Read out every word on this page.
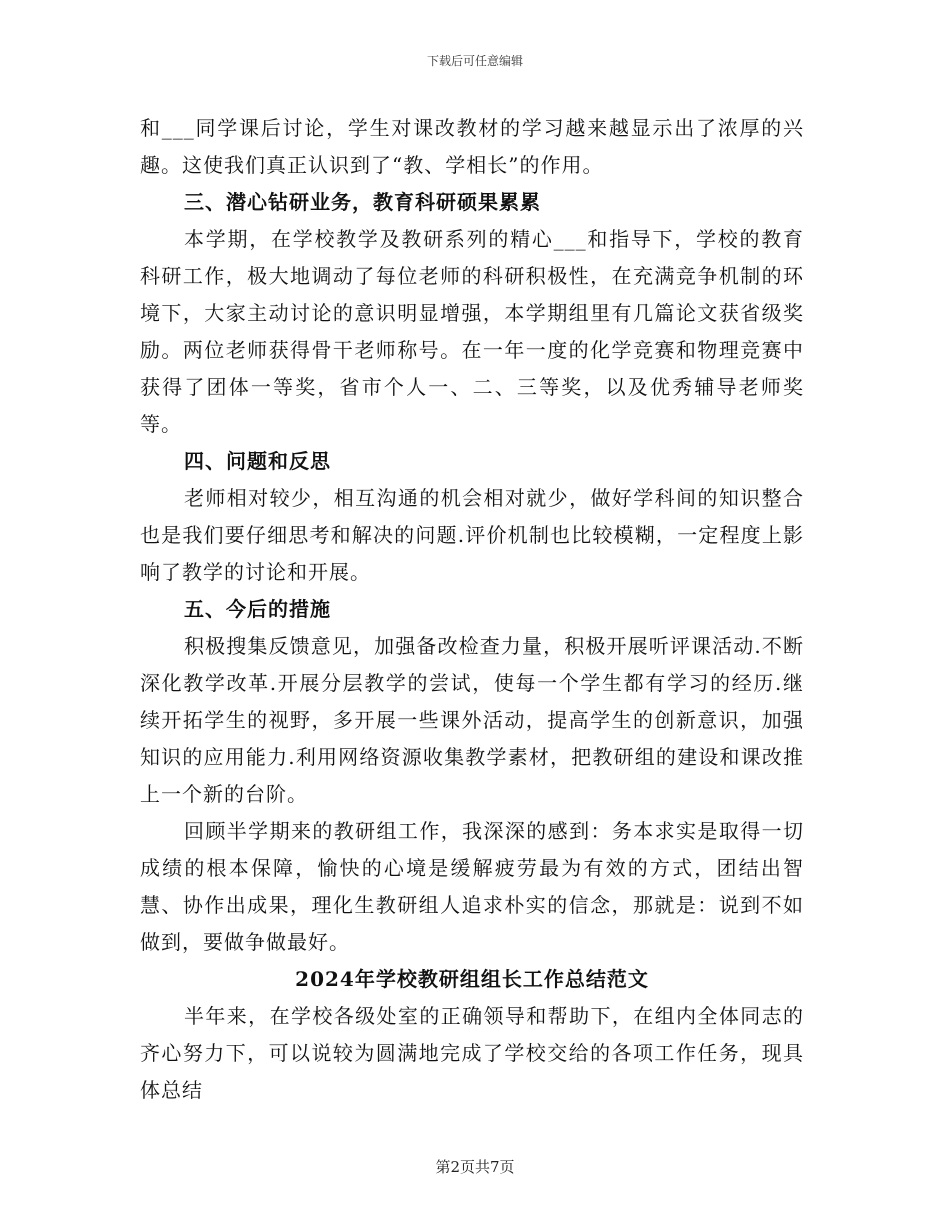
下载后可任意编辑

和___同学课后讨论，学生对课改教材的学习越来越显示出了浓厚的兴趣。这使我们真正认识到了“教、学相长”的作用。

三、潜心钻研业务，教育科研硕果累累

本学期，在学校教学及教研系列的精心___和指导下，学校的教育科研工作，极大地调动了每位老师的科研积极性，在充满竞争机制的环境下，大家主动讨论的意识明显增强，本学期组里有几篇论文获省级奖励。两位老师获得骨干老师称号。在一年一度的化学竞赛和物理竞赛中获得了团体一等奖，省市个人一、二、三等奖，以及优秀辅导老师奖等。

四、问题和反思

老师相对较少，相互沟通的机会相对就少，做好学科间的知识整合也是我们要仔细思考和解决的问题.评价机制也比较模糊，一定程度上影响了教学的讨论和开展。

五、今后的措施

积极搜集反馈意见，加强备改检查力量，积极开展听评课活动.不断深化教学改革.开展分层教学的尝试，使每一个学生都有学习的经历.继续开拓学生的视野，多开展一些课外活动，提高学生的创新意识，加强知识的应用能力.利用网络资源收集教学素材，把教研组的建设和课改推上一个新的台阶。

回顾半学期来的教研组工作，我深深的感到：务本求实是取得一切成绩的根本保障，愉快的心境是缓解疲劳最为有效的方式，团结出智慧、协作出成果，理化生教研组人追求朴实的信念，那就是：说到不如做到，要做争做最好。

2024年学校教研组组长工作总结范文

半年来，在学校各级处室的正确领导和帮助下，在组内全体同志的齐心努力下，可以说较为圆满地完成了学校交给的各项工作任务，现具体总结

第2页共7页
